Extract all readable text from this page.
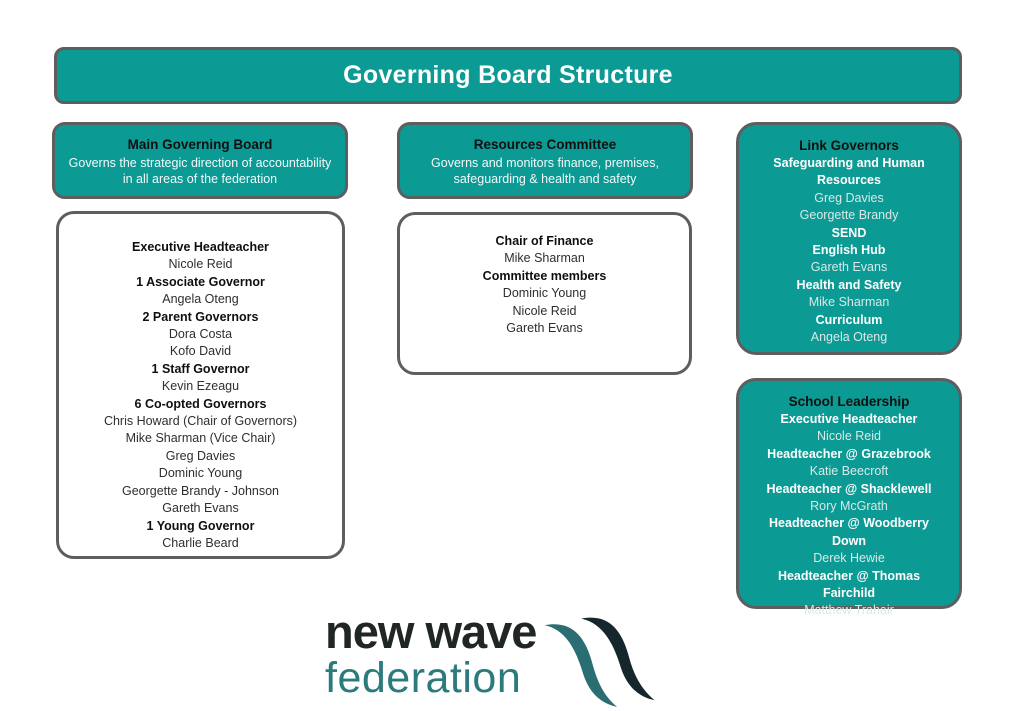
Governing Board Structure
Main Governing Board
Governs the strategic direction of accountability in all areas of the federation
Resources Committee
Governs and monitors finance, premises, safeguarding & health and safety
Executive Headteacher
Nicole Reid
1 Associate Governor
Angela Oteng
2 Parent Governors
Dora Costa
Kofo David
1 Staff Governor
Kevin Ezeagu
6 Co-opted Governors
Chris Howard (Chair of Governors)
Mike Sharman (Vice Chair)
Greg Davies
Dominic Young
Georgette Brandy - Johnson
Gareth Evans
1 Young Governor
Charlie Beard
Chair of Finance
Mike Sharman
Committee members
Dominic Young
Nicole Reid
Gareth Evans
Link Governors
Safeguarding and Human Resources
Greg Davies
Georgette Brandy
SEND
English Hub
Gareth Evans
Health and Safety
Mike Sharman
Curriculum
Angela Oteng
School Leadership
Executive Headteacher
Nicole Reid
Headteacher @ Grazebrook
Katie Beecroft
Headteacher @ Shacklewell
Rory McGrath
Headteacher @ Woodberry Down
Derek Hewie
Headteacher @ Thomas Fairchild
Matthew Trahair
new wave
federation
